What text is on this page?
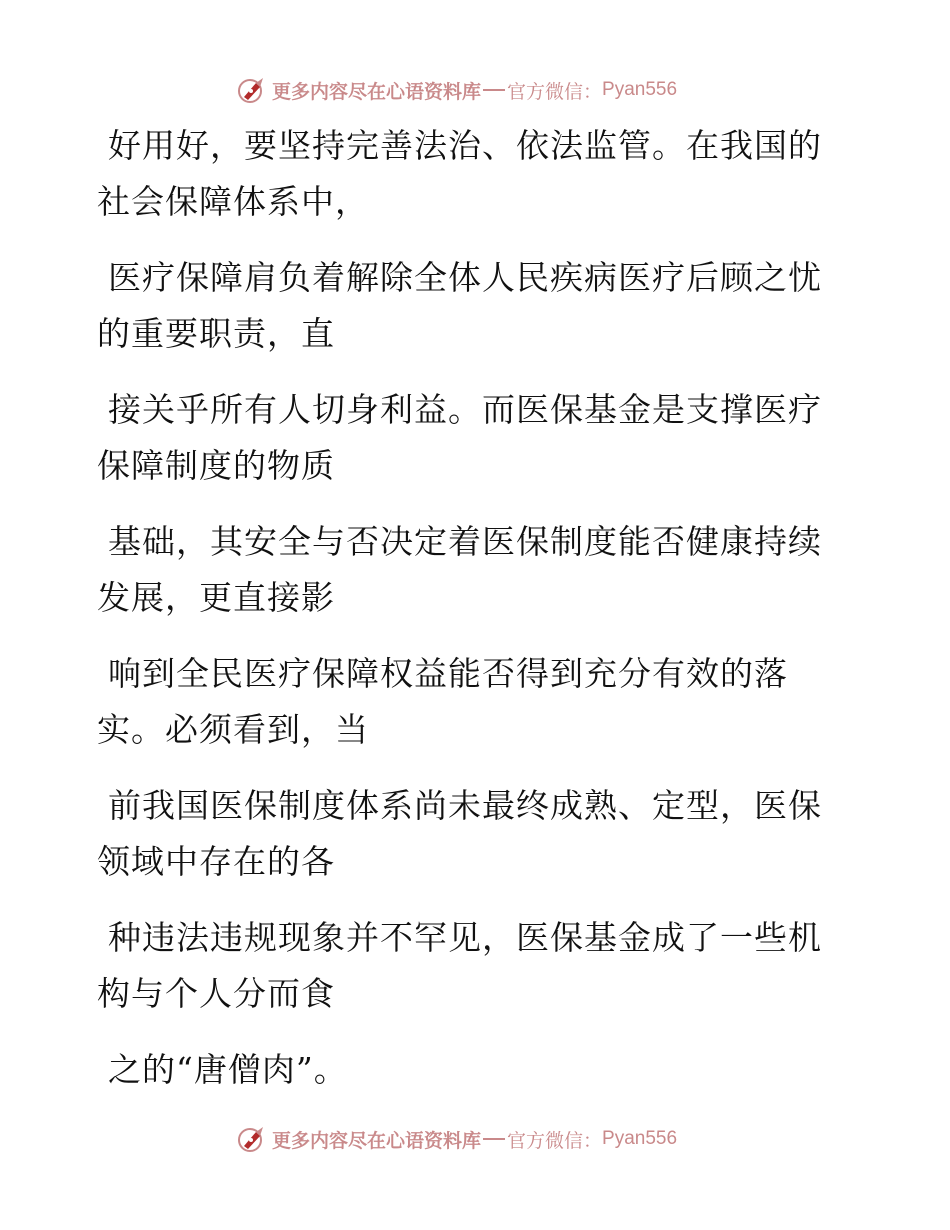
更多内容尽在心语资料库 官方微信： Pyan556

好用好，要坚持完善法治、依法监管。在我国的
社会保障体系中，

医疗保障肩负着解除全体人民疾病医疗后顾之忧
的重要职责，直

接关乎所有人切身利益。而医保基金是支撑医疗
保障制度的物质

基础，其安全与否决定着医保制度能否健康持续
发展，更直接影

响到全民医疗保障权益能否得到充分有效的落
实。必须看到，当

前我国医保制度体系尚未最终成熟、定型，医保
领域中存在的各

种违法违规现象并不罕见，医保基金成了一些机
构与个人分而食

之的“唐僧肉”。

更多内容尽在心语资料库 官方微信： Pyan556
